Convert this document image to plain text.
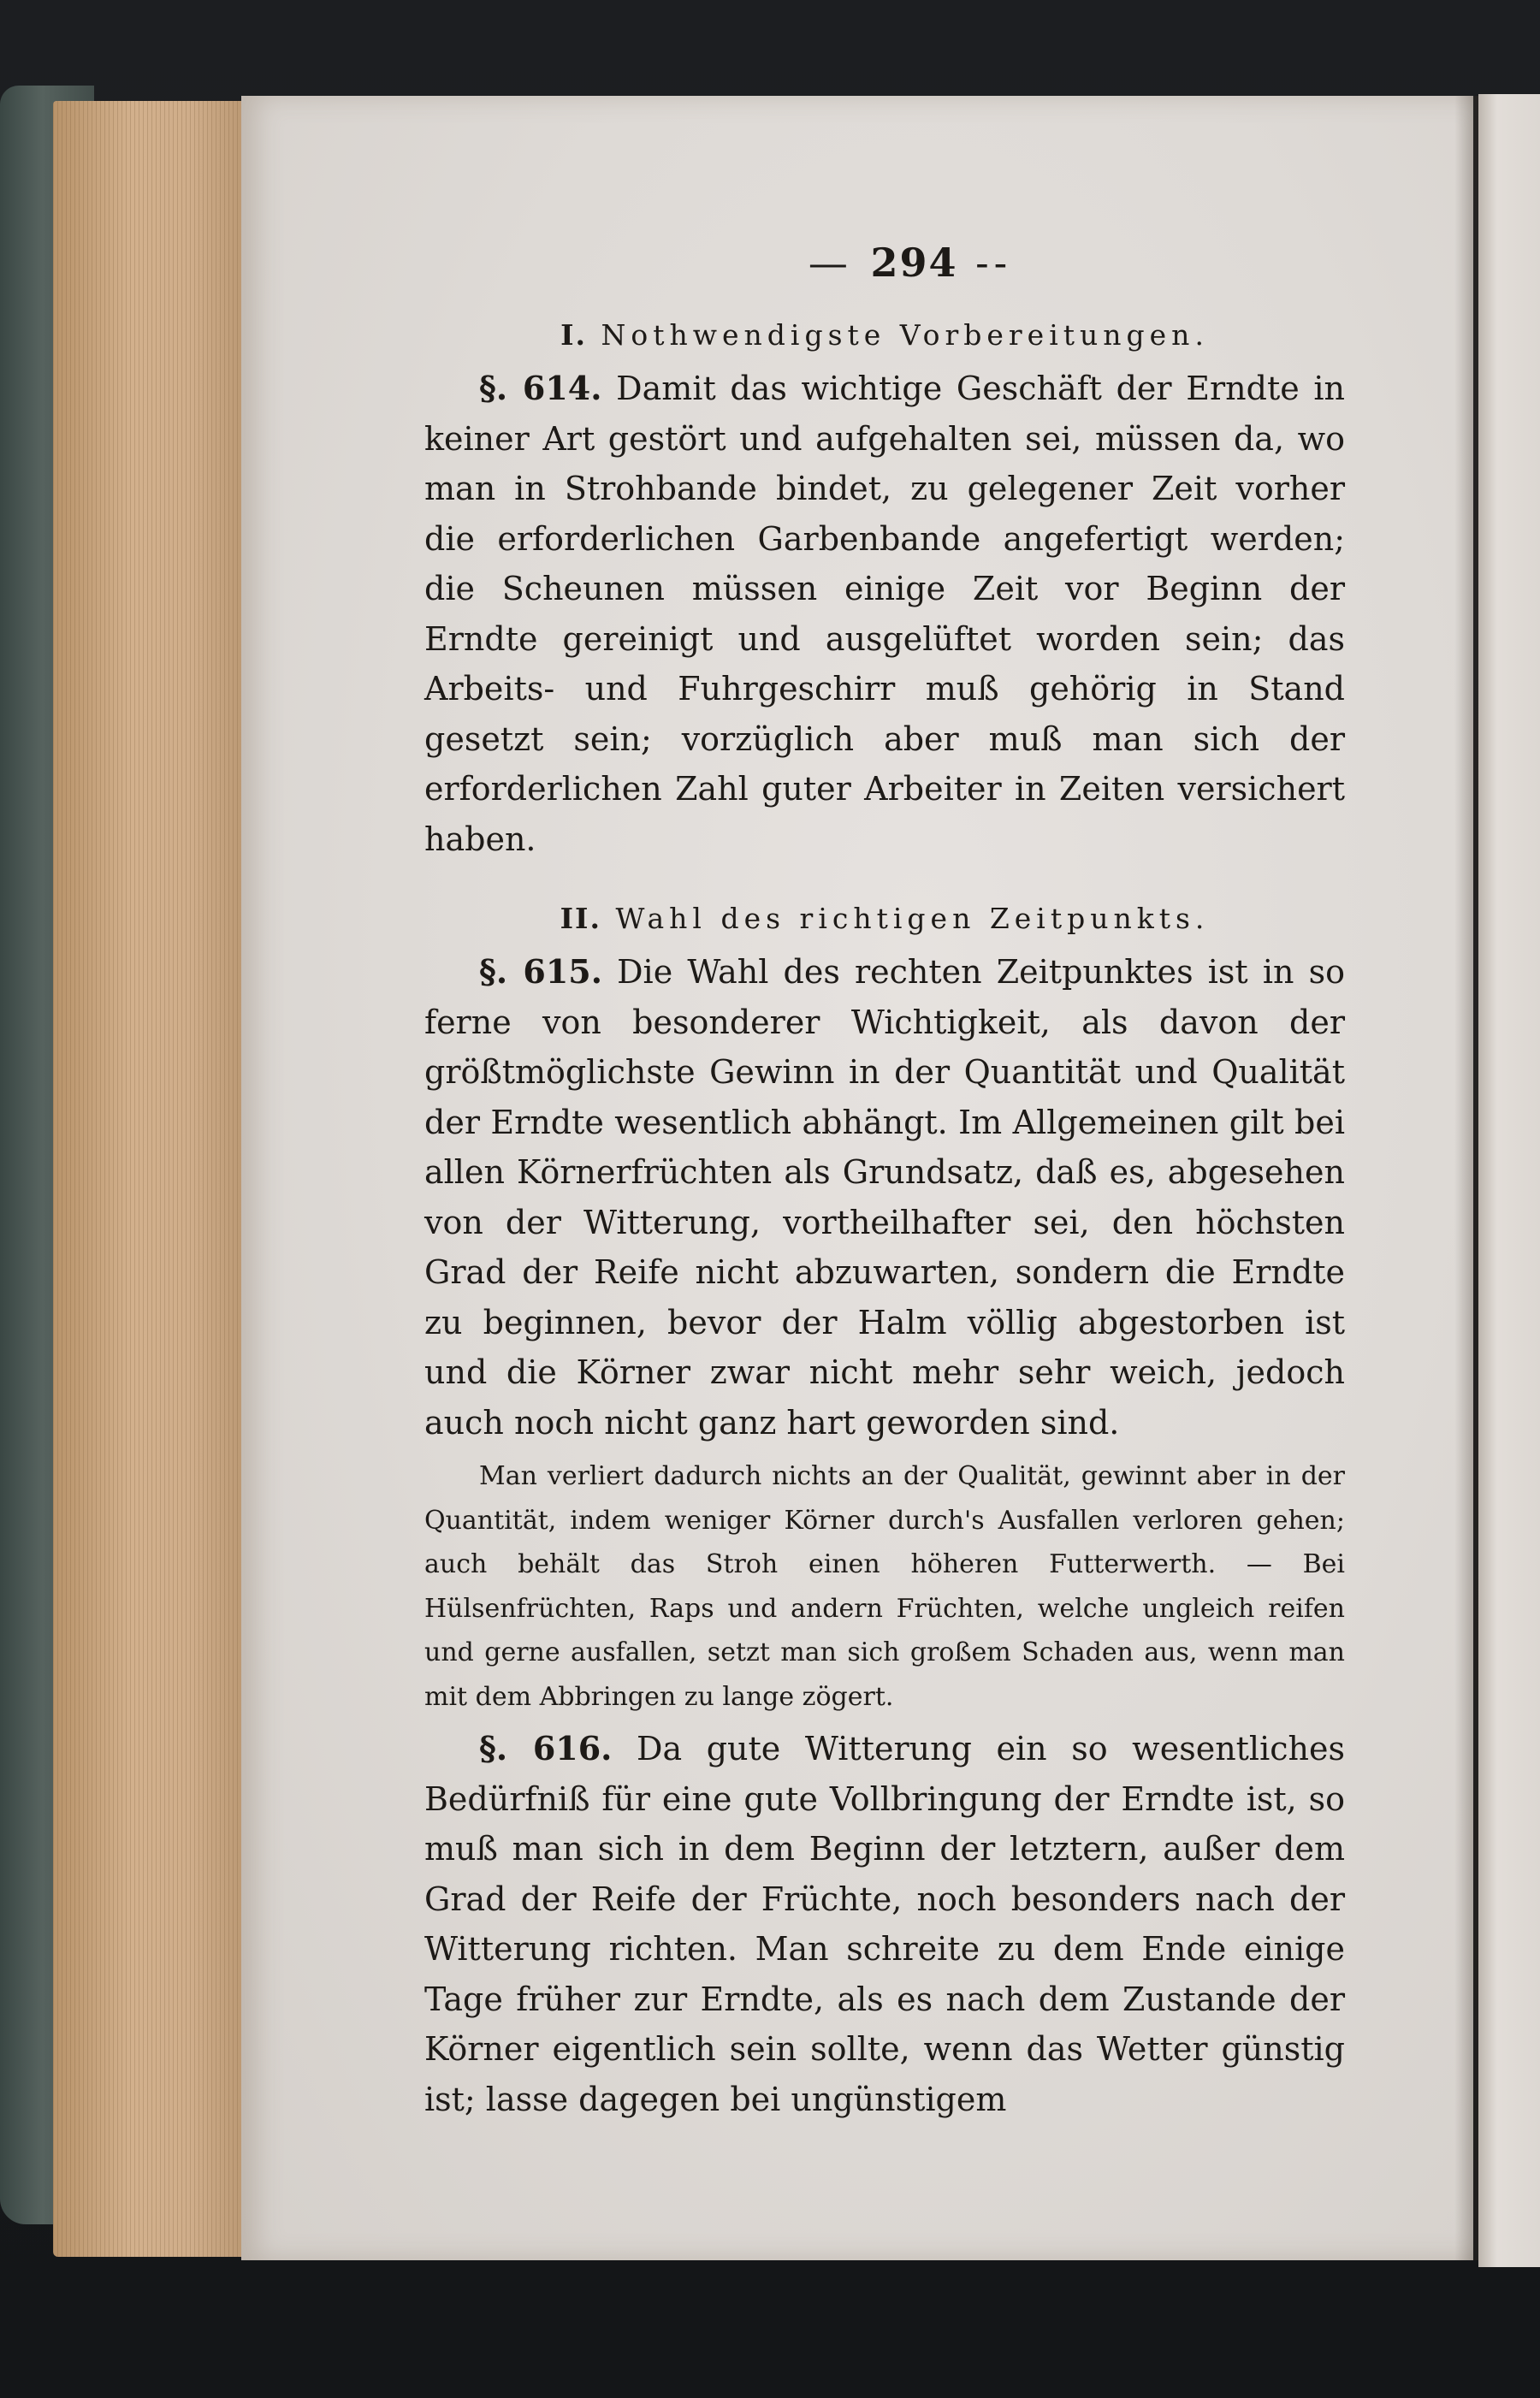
— 294 --
I. Nothwendigste Vorbereitungen.

§. 614. Damit das wichtige Geschäft der Erndte in keiner Art gestört und aufgehalten sei, müssen da, wo man in Strohbande bindet, zu gelegener Zeit vorher die erforderlichen Garbenbande angefertigt werden; die Scheunen müssen einige Zeit vor Beginn der Erndte gereinigt und ausgelüftet worden sein; das Arbeits- und Fuhrgeschirr muß gehörig in Stand gesetzt sein; vorzüglich aber muß man sich der erforderlichen Zahl guter Arbeiter in Zeiten versichert haben.

II. Wahl des richtigen Zeitpunkts.

§. 615. Die Wahl des rechten Zeitpunktes ist in so ferne von besonderer Wichtigkeit, als davon der größtmöglichste Gewinn in der Quantität und Qualität der Erndte wesentlich abhängt. Im Allgemeinen gilt bei allen Körnerfrüchten als Grundsatz, daß es, abgesehen von der Witterung, vortheilhafter sei, den höchsten Grad der Reife nicht abzuwarten, sondern die Erndte zu beginnen, bevor der Halm völlig abgestorben ist und die Körner zwar nicht mehr sehr weich, jedoch auch noch nicht ganz hart geworden sind.

Man verliert dadurch nichts an der Qualität, gewinnt aber in der Quantität, indem weniger Körner durch's Ausfallen verloren gehen; auch behält das Stroh einen höheren Futterwerth. — Bei Hülsenfrüchten, Raps und andern Früchten, welche ungleich reifen und gerne ausfallen, setzt man sich großem Schaden aus, wenn man mit dem Abbringen zu lange zögert.

§. 616. Da gute Witterung ein so wesentliches Bedürfniß für eine gute Vollbringung der Erndte ist, so muß man sich in dem Beginn der letztern, außer dem Grad der Reife der Früchte, noch besonders nach der Witterung richten. Man schreite zu dem Ende einige Tage früher zur Erndte, als es nach dem Zustande der Körner eigentlich sein sollte, wenn das Wetter günstig ist; lasse dagegen bei ungünstigem
